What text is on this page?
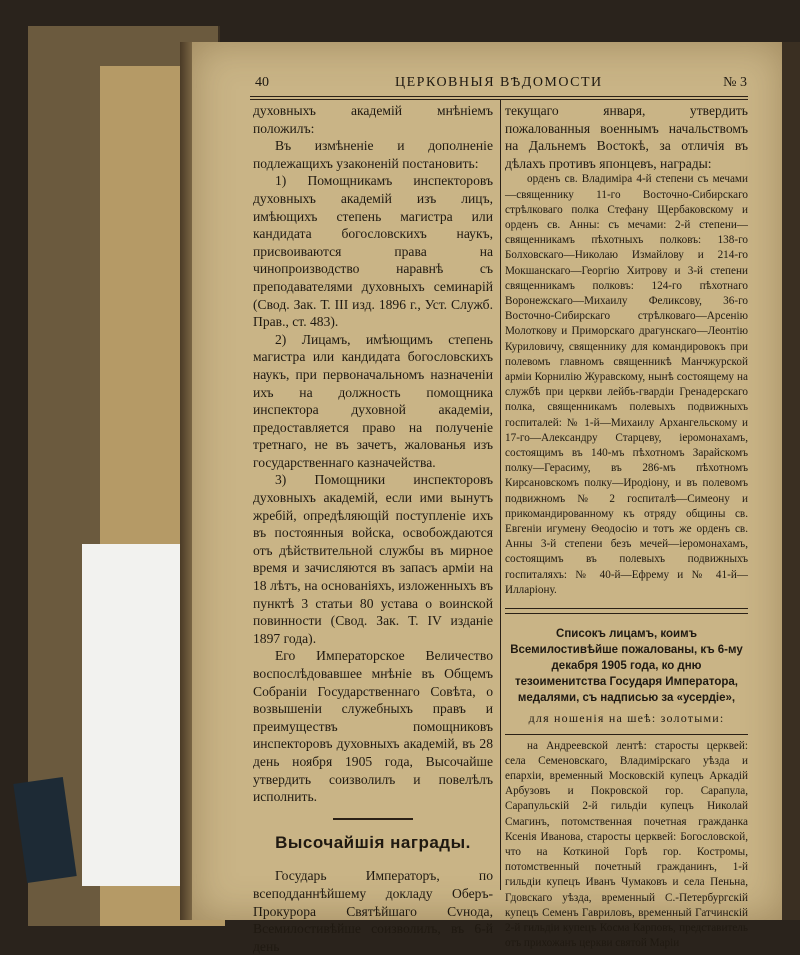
40	ЦЕРКОВНЫЯ ВѢДОМОСТИ	№ 3

духовныхъ академій мнѣніемъ положилъ:

Въ измѣненіе и дополненіе подлежащихъ узаконеній постановить:

1) Помощникамъ инспекторовъ духовныхъ академій изъ лицъ, имѣющихъ степень магистра или кандидата богословскихъ наукъ, присвоиваются права на чинопроизводство наравнѣ съ преподавателями духовныхъ семинарій (Свод. Зак. Т. III изд. 1896 г., Уст. Служб. Прав., ст. 483).

2) Лицамъ, имѣющимъ степень магистра или кандидата богословскихъ наукъ, при первоначальномъ назначеніи ихъ на должность помощника инспектора духовной академіи, предоставляется право на полученіе третнаго, не въ зачетъ, жалованья изъ государственнаго казначейства.

3) Помощники инспекторовъ духовныхъ академій, если ими вынутъ жребій, опредѣляющій поступленіе ихъ въ постоянныя войска, освобождаются отъ дѣйствительной службы въ мирное время и зачисляются въ запасъ арміи на 18 лѣтъ, на основаніяхъ, изложенныхъ въ пунктѣ 3 статьи 80 устава о воинской повинности (Свод. Зак. Т. IV изданіе 1897 года).

Его Императорское Величество воспослѣдовавшее мнѣніе въ Общемъ Собраніи Государственнаго Совѣта, о возвышеніи служебныхъ правъ и преимуществъ помощниковъ инспекторовъ духовныхъ академій, въ 28 день ноября 1905 года, Высочайше утвердить соизволилъ и повелѣлъ исполнить.

Высочайшія награды.

Государь Императоръ, по всеподданнѣйшему докладу Оберъ-Прокурора Святѣйшаго Сvнода, Всемилостивѣйше соизволилъ, въ 6-й день

текущаго января, утвердить пожалованныя военнымъ начальствомъ на Дальнемъ Востокѣ, за отличія въ дѣлахъ противъ японцевъ, награды:

орденъ св. Владиміра 4-й степени съ мечами—священнику 11-го Восточно-Сибирскаго стрѣлковаго полка Стефану Щербаковскому и орденъ св. Анны: съ мечами: 2-й степени—священникамъ пѣхотныхъ полковъ: 138-го Болховскаго—Николаю Измайлову и 214-го Мокшанскаго—Георгію Хитрову и 3-й степени священникамъ полковъ: 124-го пѣхотнаго Воронежскаго—Михаилу Феликсову, 36-го Восточно-Сибирскаго стрѣлковаго—Арсенію Молоткову и Приморскаго драгунскаго—Леонтію Куриловичу, священнику для командировокъ при полевомъ главномъ священникѣ Манчжурской арміи Корнилію Журавскому, нынѣ состоящему на службѣ при церкви лейбъ-гвардіи Гренадерскаго полка, священникамъ полевыхъ подвижныхъ госпиталей: № 1-й—Михаилу Архангельскому и 17-го—Александру Старцеву, іеромонахамъ, состоящимъ въ 140-мъ пѣхотномъ Зарайскомъ полку—Герасиму, въ 286-мъ пѣхотномъ Кирсановскомъ полку—Иродіону, и въ полевомъ подвижномъ № 2 госпиталѣ—Симеону и прикомандированному къ отряду общины св. Евгеніи игумену Ѳеодосію и тотъ же орденъ св. Анны 3-й степени безъ мечей—іеромонахамъ, состоящимъ въ полевыхъ подвижныхъ госпиталяхъ: № 40-й—Ефрему и № 41-й—Илларіону.

Списокъ лицамъ, коимъ Всемилостивѣйше пожалованы, къ 6-му декабря 1905 года, ко дню тезоименитства Государя Императора, медалями, съ надписью за «усердіе»,
для ношенія на шеѣ: золотыми:

на Андреевской лентѣ: старосты церквей: села Семеновскаго, Владимірскаго уѣзда и епархіи, временный Московскій купецъ Аркадій Арбузовъ и Покровской гор. Сарапула, Сарапульскій 2-й гильдіи купецъ Николай Смагинъ, потомственная почетная гражданка Ксенія Иванова, старосты церквей: Богословской, что на Коткиной Горѣ гор. Костромы, потомственный почетный гражданинъ, 1-й гильдіи купецъ Иванъ Чумаковъ и села Пеньна, Гдовскаго уѣзда, временный С.-Петербургскій купецъ Семенъ Гавриловъ, временный Гатчинскій 2-й гильдіи купецъ Косма Карповъ, представитель отъ прихожанъ церкви святой Маріи
